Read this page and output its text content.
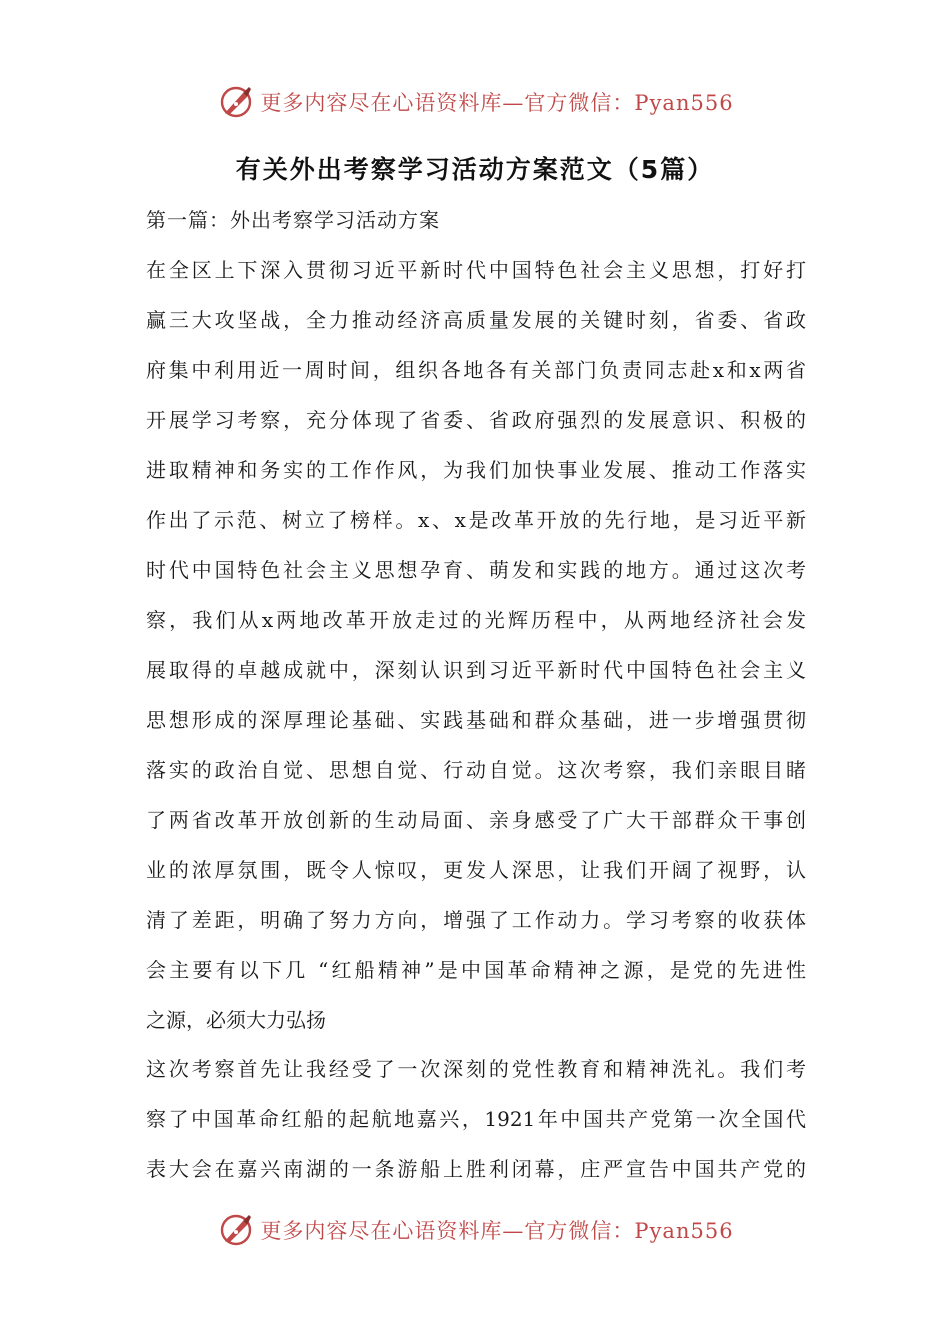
更多内容尽在心语资料库—官方微信：Pyan556
有关外出考察学习活动方案范文（5篇）
第一篇：外出考察学习活动方案
在全区上下深入贯彻习近平新时代中国特色社会主义思想，打好打
赢三大攻坚战，全力推动经济高质量发展的关键时刻，省委、省政
府集中利用近一周时间，组织各地各有关部门负责同志赴x和x两省
开展学习考察，充分体现了省委、省政府强烈的发展意识、积极的
进取精神和务实的工作作风，为我们加快事业发展、推动工作落实
作出了示范、树立了榜样。x、x是改革开放的先行地，是习近平新
时代中国特色社会主义思想孕育、萌发和实践的地方。通过这次考
察，我们从x两地改革开放走过的光辉历程中，从两地经济社会发
展取得的卓越成就中，深刻认识到习近平新时代中国特色社会主义
思想形成的深厚理论基础、实践基础和群众基础，进一步增强贯彻
落实的政治自觉、思想自觉、行动自觉。这次考察，我们亲眼目睹
了两省改革开放创新的生动局面、亲身感受了广大干部群众干事创
业的浓厚氛围，既令人惊叹，更发人深思，让我们开阔了视野，认
清了差距，明确了努力方向，增强了工作动力。学习考察的收获体
会主要有以下几 “红船精神”是中国革命精神之源，是党的先进性
之源，必须大力弘扬
这次考察首先让我经受了一次深刻的党性教育和精神洗礼。我们考
察了中国革命红船的起航地嘉兴，1921年中国共产党第一次全国代
表大会在嘉兴南湖的一条游船上胜利闭幕，庄严宣告中国共产党的
更多内容尽在心语资料库—官方微信：Pyan556
